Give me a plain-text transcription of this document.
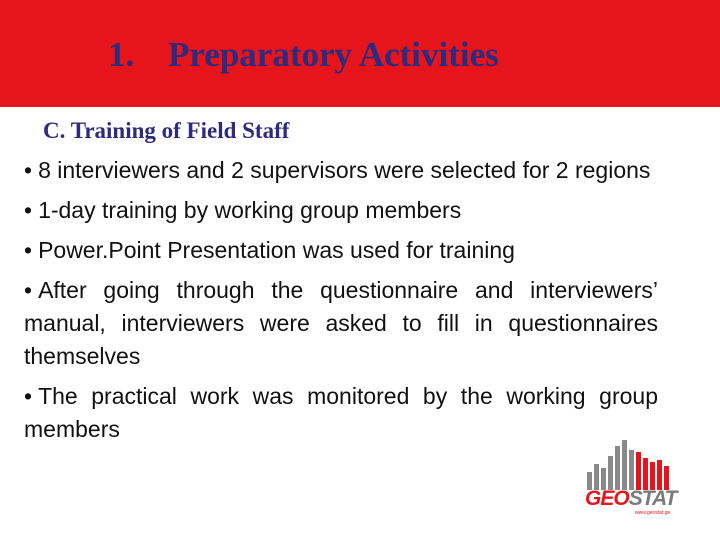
1. Preparatory Activities
C. Training of Field Staff
• 8 interviewers and 2 supervisors were selected for 2 regions
• 1-day training by working group members
• Power.Point Presentation was used for training
• After going through the questionnaire and interviewers’ manual, interviewers were asked to fill in questionnaires themselves
• The practical work was monitored by the working group members
GEOSTAT
www.geostat.ge
